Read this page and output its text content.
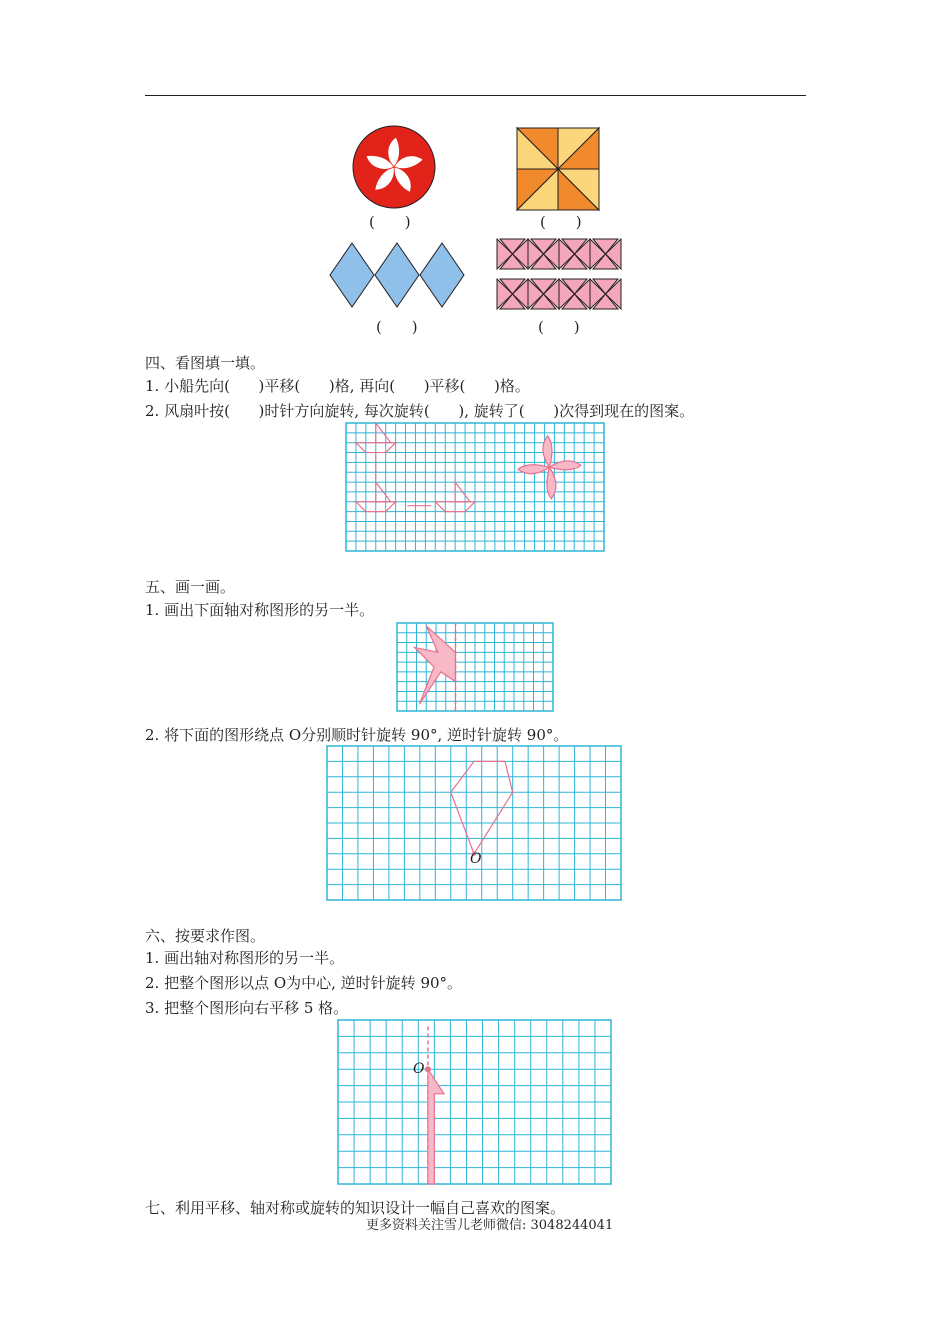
(     )	(     )
(     )	(     )
四、看图填一填。
1. 小船先向(      )平移(      )格, 再向(      )平移(      )格。
2. 风扇叶按(      )时针方向旋转, 每次旋转(      ), 旋转了(      )次得到现在的图案。
五、画一画。
1. 画出下面轴对称图形的另一半。
2. 将下面的图形绕点 O分别顺时针旋转 90°, 逆时针旋转 90°。
O
六、按要求作图。
1. 画出轴对称图形的另一半。
2. 把整个图形以点 O为中心, 逆时针旋转 90°。
3. 把整个图形向右平移 5 格。
O
七、利用平移、轴对称或旋转的知识设计一幅自己喜欢的图案。
更多资料关注雪儿老师微信: 3048244041
